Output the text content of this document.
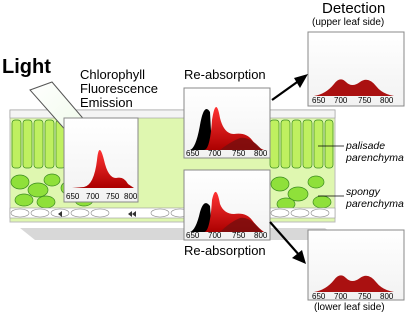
650 700 750 800
650 700 750 800
650 700 750 800
650 700 750 800
650 700 750 800
Light Chlorophyll
Fluorescence
Emission
Re-absorption
Re-absorption
Detection
(upper leaf side)
(lower leaf side)
palisade
parenchyma
spongy
parenchyma
